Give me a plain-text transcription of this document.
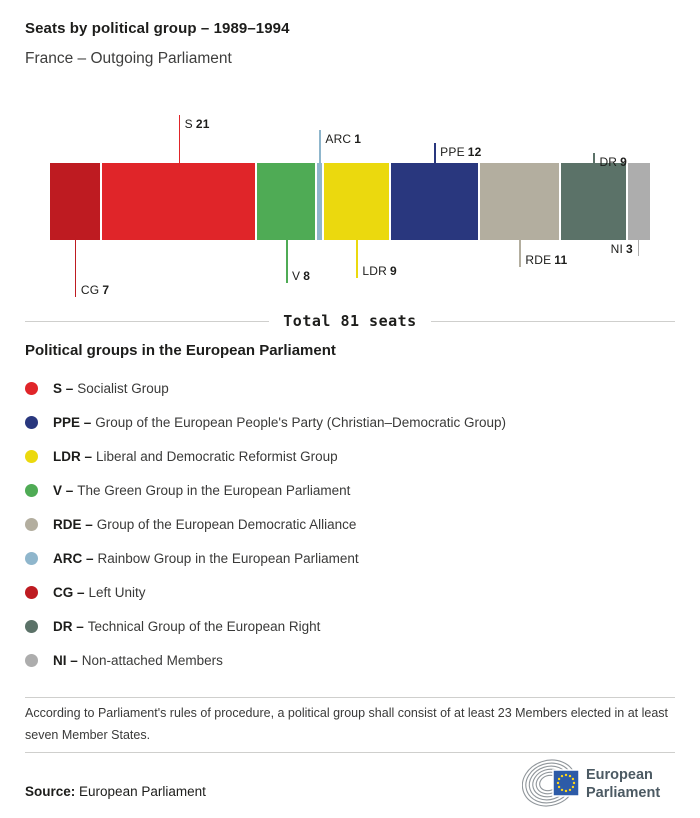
Seats by political group – 1989–1994
France – Outgoing Parliament
CG 7
S 21
V 8
ARC 1
LDR 9
PPE 12
RDE 11
DR 9
NI 3
Total 81 seats
Political groups in the European Parliament
S – Socialist Group
PPE – Group of the European People's Party (Christian–Democratic Group)
LDR – Liberal and Democratic Reformist Group
V – The Green Group in the European Parliament
RDE – Group of the European Democratic Alliance
ARC – Rainbow Group in the European Parliament
CG – Left Unity
DR – Technical Group of the European Right
NI – Non-attached Members
According to Parliament's rules of procedure, a political group shall consist of at least 23 Members elected in at least seven Member States.
Source: European Parliament
European
Parliament
